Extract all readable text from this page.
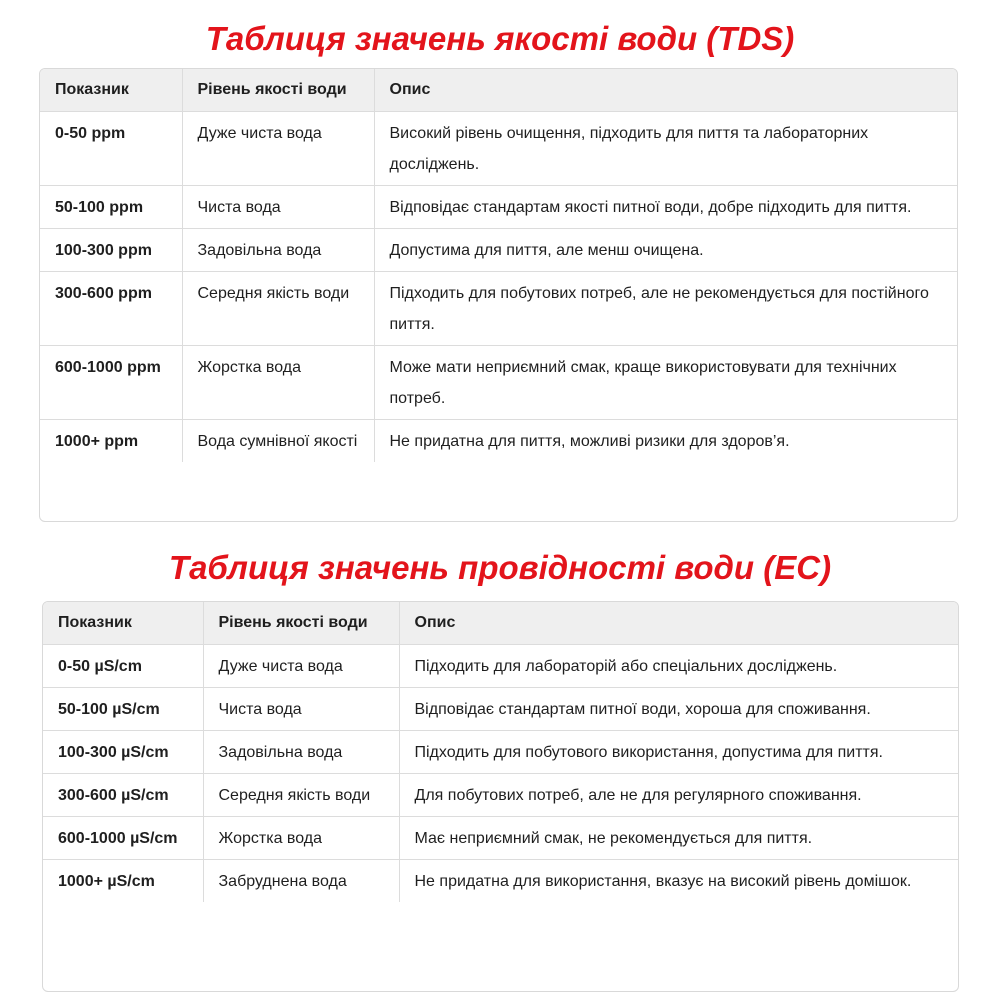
Таблиця значень якості води (TDS)
Показник	Рівень якості води	Опис
0-50 ppm	Дуже чиста вода	Високий рівень очищення, підходить для пиття та лабораторних досліджень.
50-100 ppm	Чиста вода	Відповідає стандартам якості питної води, добре підходить для пиття.
100-300 ppm	Задовільна вода	Допустима для пиття, але менш очищена.
300-600 ppm	Середня якість води	Підходить для побутових потреб, але не рекомендується для постійного пиття.
600-1000 ppm	Жорстка вода	Може мати неприємний смак, краще використовувати для технічних потреб.
1000+ ppm	Вода сумнівної якості	Не придатна для пиття, можливі ризики для здоров’я.
Таблиця значень провідності води (EC)
Показник	Рівень якості води	Опис
0-50 µS/cm	Дуже чиста вода	Підходить для лабораторій або спеціальних досліджень.
50-100 µS/cm	Чиста вода	Відповідає стандартам питної води, хороша для споживання.
100-300 µS/cm	Задовільна вода	Підходить для побутового використання, допустима для пиття.
300-600 µS/cm	Середня якість води	Для побутових потреб, але не для регулярного споживання.
600-1000 µS/cm	Жорстка вода	Має неприємний смак, не рекомендується для пиття.
1000+ µS/cm	Забруднена вода	Не придатна для використання, вказує на високий рівень домішок.
